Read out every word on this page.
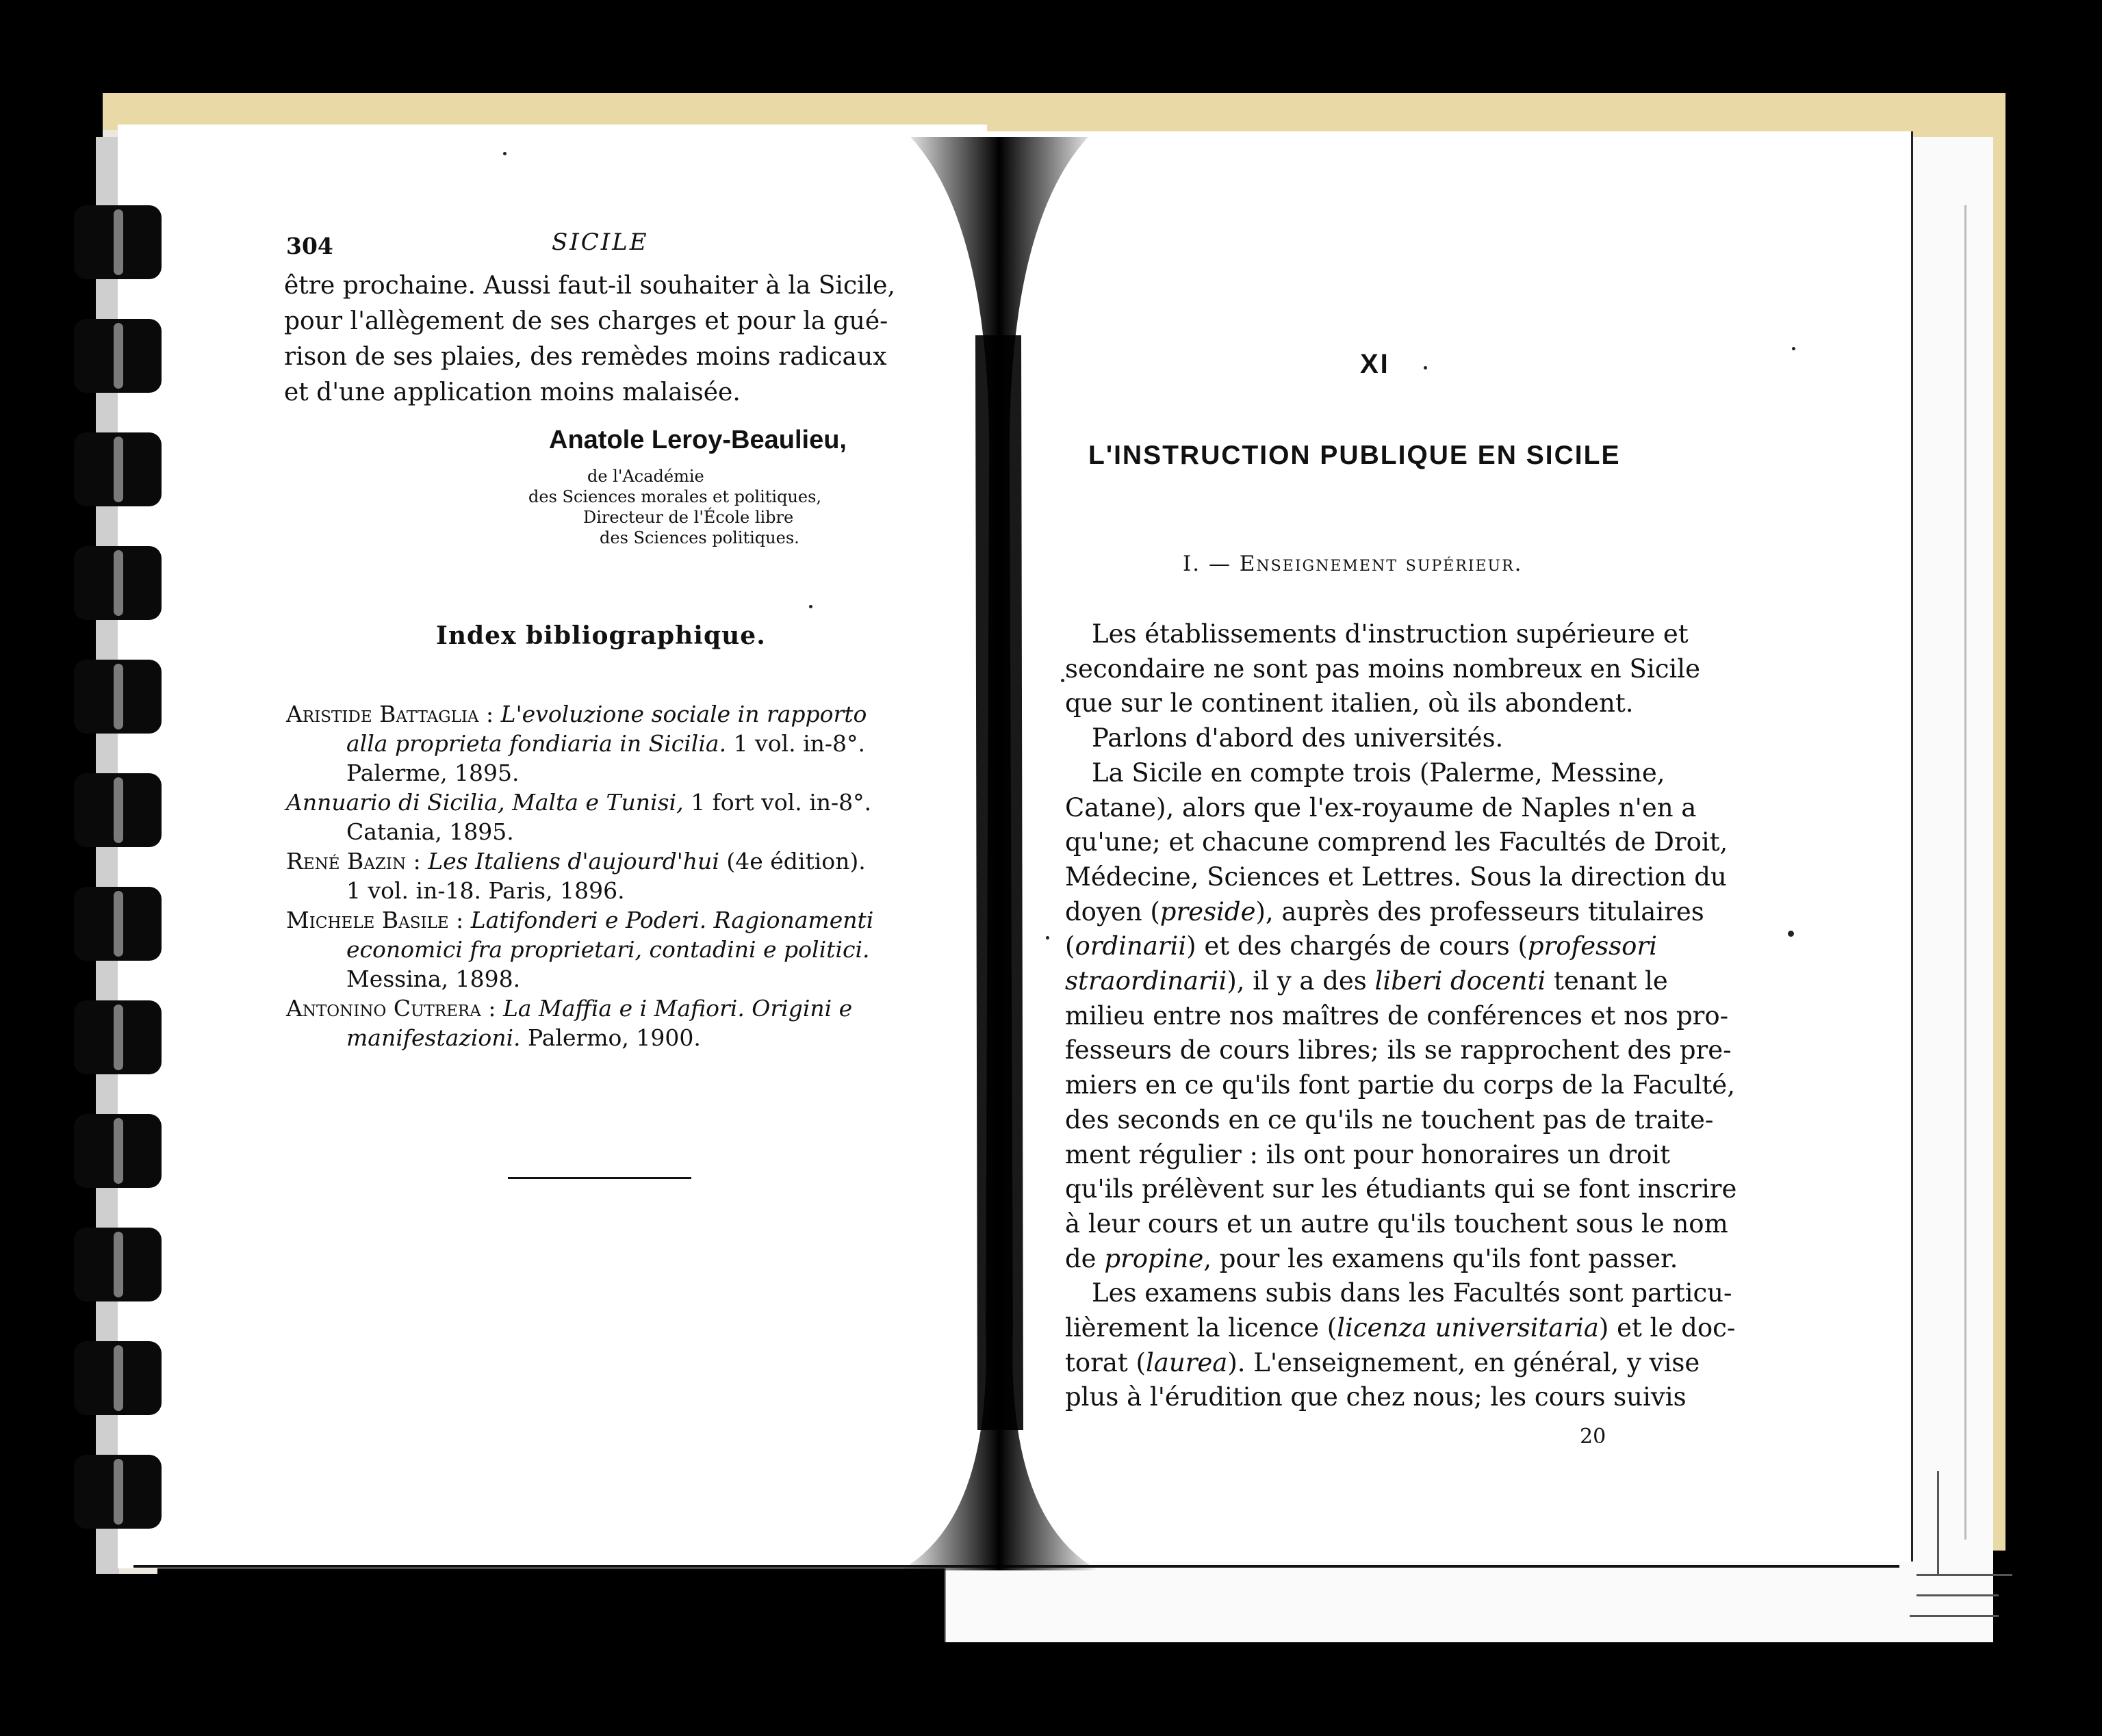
304	SICILE

être prochaine. Aussi faut-il souhaiter à la Sicile,

pour l'allègement de ses charges et pour la gué-

rison de ses plaies, des remèdes moins radicaux

et d'une application moins malaisée.

Anatole Leroy-Beaulieu,
de l'Académie
des Sciences morales et politiques,
Directeur de l'École libre
des Sciences politiques.
Index bibliographique.

Aristide Battaglia : L'evoluzione sociale in rapporto

alla proprieta fondiaria in Sicilia. 1 vol. in-8°.

Palerme, 1895.

Annuario di Sicilia, Malta e Tunisi, 1 fort vol. in-8°.

Catania, 1895.

René Bazin : Les Italiens d'aujourd'hui (4e édition).

1 vol. in-18. Paris, 1896.

Michele Basile : Latifonderi e Poderi. Ragionamenti

economici fra proprietari, contadini e politici.

Messina, 1898.

Antonino Cutrera : La Maffia e i Mafiori. Origini e

manifestazioni. Palermo, 1900.

XI
L'INSTRUCTION PUBLIQUE EN SICILE
I. — Enseignement supérieur.

Les établissements d'instruction supérieure et

secondaire ne sont pas moins nombreux en Sicile

que sur le continent italien, où ils abondent.

Parlons d'abord des universités.

La Sicile en compte trois (Palerme, Messine,

Catane), alors que l'ex-royaume de Naples n'en a

qu'une; et chacune comprend les Facultés de Droit,

Médecine, Sciences et Lettres. Sous la direction du

doyen (preside), auprès des professeurs titulaires

(ordinarii) et des chargés de cours (professori

straordinarii), il y a des liberi docenti tenant le

milieu entre nos maîtres de conférences et nos pro-

fesseurs de cours libres; ils se rapprochent des pre-

miers en ce qu'ils font partie du corps de la Faculté,

des seconds en ce qu'ils ne touchent pas de traite-

ment régulier : ils ont pour honoraires un droit

qu'ils prélèvent sur les étudiants qui se font inscrire

à leur cours et un autre qu'ils touchent sous le nom

de propine, pour les examens qu'ils font passer.

Les examens subis dans les Facultés sont particu-

lièrement la licence (licenza universitaria) et le doc-

torat (laurea). L'enseignement, en général, y vise

plus à l'érudition que chez nous; les cours suivis

20
